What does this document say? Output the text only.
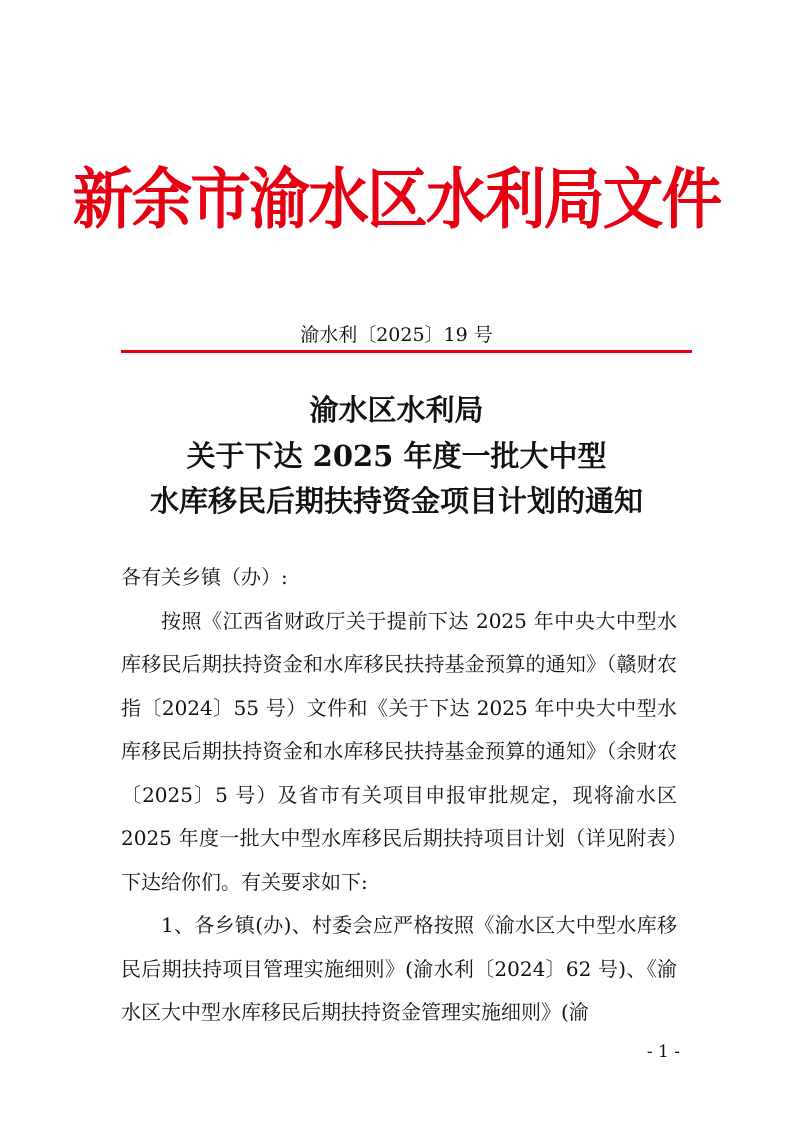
新余市渝水区水利局文件
渝水利〔2025〕19 号
渝水区水利局
关于下达 2025 年度一批大中型
水库移民后期扶持资金项目计划的通知

各有关乡镇（办）:

按照《江西省财政厅关于提前下达 2025 年中央大中型水库移民后期扶持资金和水库移民扶持基金预算的通知》（赣财农指〔2024〕55 号）文件和《关于下达 2025 年中央大中型水库移民后期扶持资金和水库移民扶持基金预算的通知》（余财农〔2025〕5 号）及省市有关项目申报审批规定，现将渝水区 2025 年度一批大中型水库移民后期扶持项目计划（详见附表）下达给你们。有关要求如下:

1、各乡镇(办)、村委会应严格按照《渝水区大中型水库移民后期扶持项目管理实施细则》(渝水利〔2024〕62 号)、《渝水区大中型水库移民后期扶持资金管理实施细则》(渝

- 1 -
